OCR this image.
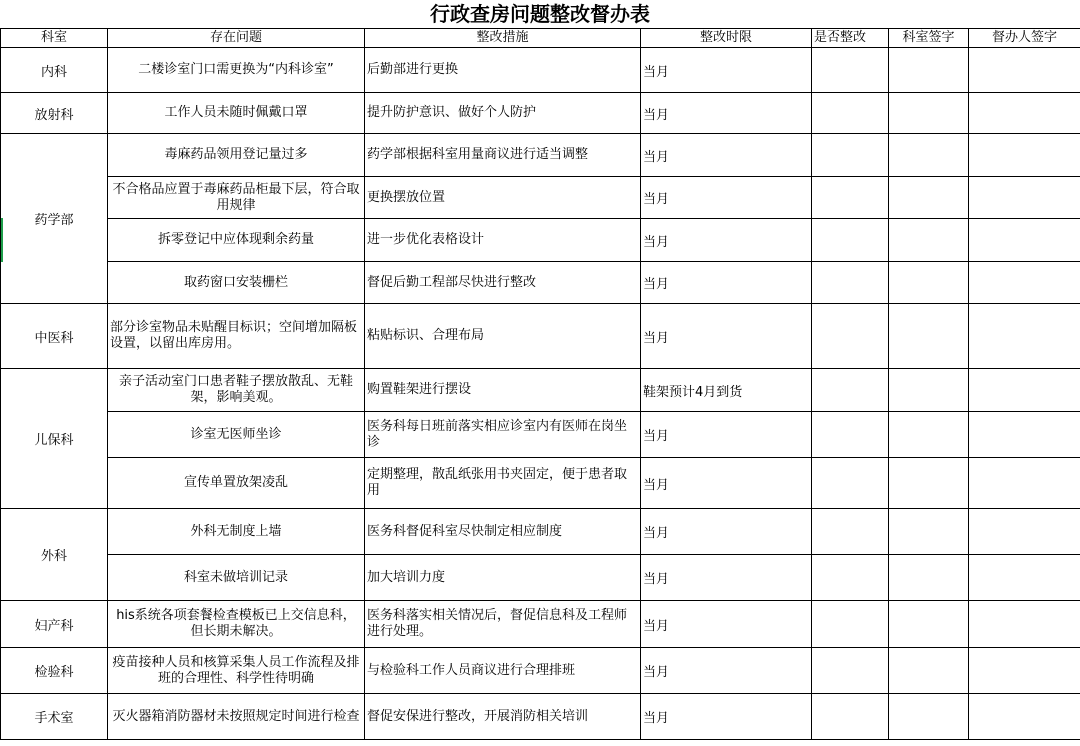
行政查房问题整改督办表
科室	存在问题	整改措施	整改时限	是否整改	科室签字	督办人签字
内科	二楼诊室门口需更换为“内科诊室”	后勤部进行更换	当月			
放射科	工作人员未随时佩戴口罩	提升防护意识、做好个人防护	当月			
药学部	毒麻药品领用登记量过多	药学部根据科室用量商议进行适当调整	当月			
	不合格品应置于毒麻药品柜最下层，符合取用规律	更换摆放位置	当月			
	拆零登记中应体现剩余药量	进一步优化表格设计	当月			
	取药窗口安装栅栏	督促后勤工程部尽快进行整改	当月			
中医科	部分诊室物品未贴醒目标识；空间增加隔板设置，以留出库房用。	粘贴标识、合理布局	当月			
儿保科	亲子活动室门口患者鞋子摆放散乱、无鞋架，影响美观。	购置鞋架进行摆设	鞋架预计4月到货			
	诊室无医师坐诊	医务科每日班前落实相应诊室内有医师在岗坐诊	当月			
	宣传单置放架凌乱	定期整理，散乱纸张用书夹固定，便于患者取用	当月			
外科	外科无制度上墙	医务科督促科室尽快制定相应制度	当月			
	科室未做培训记录	加大培训力度	当月			
妇产科	his系统各项套餐检查模板已上交信息科，但长期未解决。	医务科落实相关情况后，督促信息科及工程师进行处理。	当月			
检验科	疫苗接种人员和核算采集人员工作流程及排班的合理性、科学性待明确	与检验科工作人员商议进行合理排班	当月			
手术室	灭火器箱消防器材未按照规定时间进行检查	督促安保进行整改，开展消防相关培训	当月			
